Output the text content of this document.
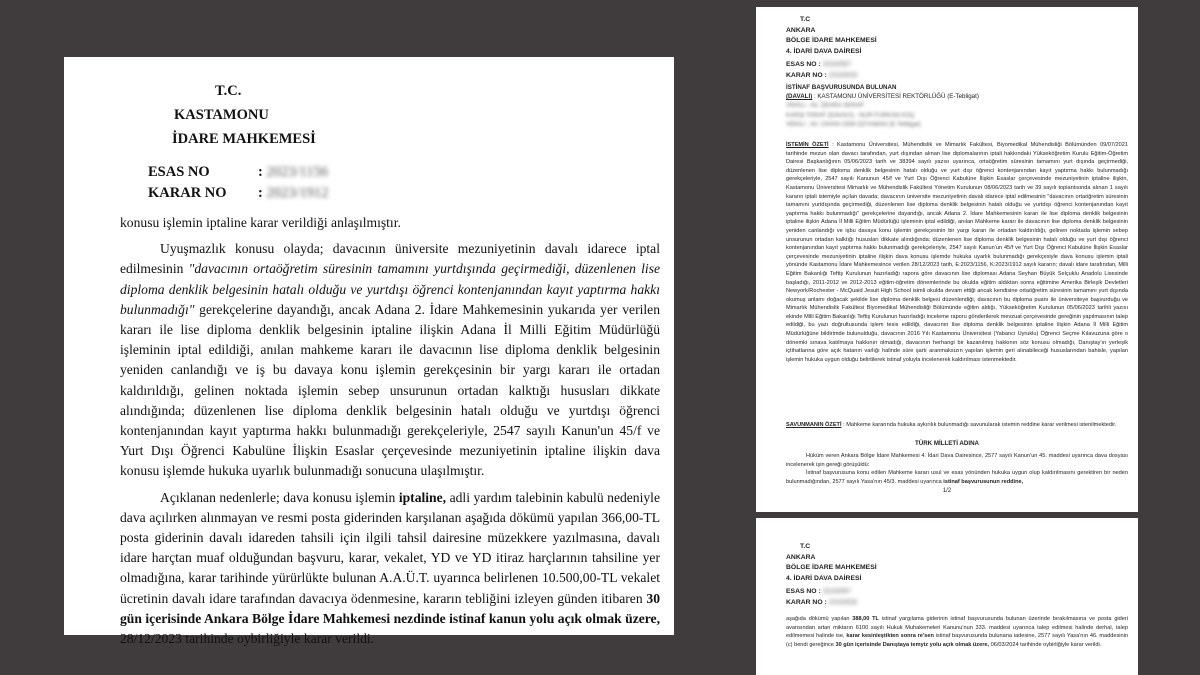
T.C.
KASTAMONU
İDARE MAHKEMESİ
ESAS NO	: 2023/1156
KARAR NO	: 2023/1912

konusu işlemin iptaline karar verildiği anlaşılmıştır.

Uyuşmazlık konusu olayda; davacının üniversite mezuniyetinin davalı idarece iptal edilmesinin "davacının ortaöğretim süresinin tamamını yurtdışında geçirmediği, düzenlenen lise diploma denklik belgesinin hatalı olduğu ve yurtdışı öğrenci kontenjanından kayıt yaptırma hakkı bulunmadığı" gerekçelerine dayandığı, ancak Adana 2. İdare Mahkemesinin yukarıda yer verilen kararı ile lise diploma denklik belgesinin iptaline ilişkin Adana İl Milli Eğitim Müdürlüğü işleminin iptal edildiği, anılan mahkeme kararı ile davacının lise diploma denklik belgesinin yeniden canlandığı ve iş bu davaya konu işlemin gerekçesinin bir yargı kararı ile ortadan kaldırıldığı, gelinen noktada işlemin sebep unsurunun ortadan kalktığı hususları dikkate alındığında; düzenlenen lise diploma denklik belgesinin hatalı olduğu ve yurtdışı öğrenci kontenjanından kayıt yaptırma hakkı bulunmadığı gerekçeleriyle, 2547 sayılı Kanun'un 45/f ve Yurt Dışı Öğrenci Kabulüne İlişkin Esaslar çerçevesinde mezuniyetinin iptaline ilişkin dava konusu işlemde hukuka uyarlık bulunmadığı sonucuna ulaşılmıştır.

Açıklanan nedenlerle; dava konusu işlemin iptaline, adli yardım talebinin kabulü nedeniyle dava açılırken alınmayan ve resmi posta giderinden karşılanan aşağıda dökümü yapılan 366,00-TL posta giderinin davalı idareden tahsili için ilgili tahsil dairesine müzekkere yazılmasına, davalı idare harçtan muaf olduğundan başvuru, karar, vekalet, YD ve YD itiraz harçlarının tahsiline yer olmadığına, karar tarihinde yürürlükte bulunan A.A.Ü.T. uyarınca belirlenen 10.500,00-TL vekalet ücretinin davalı idare tarafından davacıya ödenmesine, kararın tebliğini izleyen günden itibaren 30 gün içerisinde Ankara Bölge İdare Mahkemesi nezdinde istinaf kanun yolu açık olmak üzere, 28/12/2023 tarihinde oybirliğiyle karar verildi.

T.C
ANKARA
BÖLGE İDARE MAHKEMESİ
4. İDARİ DAVA DAİRESİ
ESAS NO : 2024/567
KARAR NO : 2024/928
İSTİNAF BAŞVURUSUNDA BULUNAN
(DAVALI) : KASTAMONU ÜNİVERSİTESİ REKTÖRLÜĞÜ (E-Tebligat)
VEKİLİ : AV. ZEHRA SERAP
KARŞI TARAF (DAVACI) : NUR FURKAN KOÇ
VEKİLİ : AV. CİHAN CEM ÖZYAMAN (E-Tebligat)
İSTEMİN ÖZETİ : Kastamonu Üniversitesi, Mühendislik ve Mimarlık Fakültesi, Biyomedikal Mühendisliği Bölümünden 09/07/2021 tarihinde mezun olan davacı tarafından, yurt dışından alınan lise diplomalarının iptali hakkındaki Yükseköğretim Kurulu Eğitim-Öğretim Dairesi Başkanlığının 05/06/2023 tarih ve 38394 sayılı yazısı uyarınca, ortaöğretim süresinin tamamını yurt dışında geçirmediği, düzenlenen lise diploma denklik belgesinin hatalı olduğu ve yurt dışı öğrenci kontenjanından kayıt yaptırma hakkı bulunmadığı gerekçeleriyle, 2547 sayılı Kanunun 45/f ve Yurt Dışı Öğrenci Kabulüne İlişkin Esaslar çerçevesinde mezuniyetinin iptaline ilişkin, Kastamonu Üniversitesi Mimarlık ve Mühendislik Fakültesi Yönetim Kurulunun 08/06/2023 tarih ve 39 sayılı toplantısında alınan 1 sayılı kararın iptali istemiyle açılan davada; davacının üniversite mezuniyetinin davalı idarece iptal edilmesinin "davacının ortaöğretim süresinin tamamını yurtdışında geçirmediği, düzenlenen lise diploma denklik belgesinin hatalı olduğu ve yurtdışı öğrenci kontenjanından kayıt yaptırma hakkı bulunmadığı" gerekçelerine dayandığı, ancak Adana 2. İdare Mahkemesinin kararı ile lise diploma denklik belgesinin iptaline ilişkin Adana İl Milli Eğitim Müdürlüğü işleminin iptal edildiği, anılan Mahkeme kararı ile davacının lise diploma denklik belgesinin yeniden canlandığı ve işbu davaya konu işlemin gerekçesinin bir yargı kararı ile ortadan kaldırıldığı, gelinen noktada işlemin sebep unsurunun ortadan kalktığı hususları dikkate alındığında; düzenlenen lise diploma denklik belgesinin hatalı olduğu ve yurt dışı öğrenci kontenjanından kayıt yaptırma hakkı bulunmadığı gerekçeleriyle, 2547 sayılı Kanun'un 45/f ve Yurt Dışı Öğrenci Kabulüne İlişkin Esaslar çerçevesinde mezuniyetinin iptaline ilişkin dava konusu işlemde hukuka uyarlık bulunmadığı gerekçesiyle dava konusu işlemin iptali yönünde Kastamonu İdare Mahkemesince verilen 28/12/2023 tarih, E:2023/1156, K:2023/1912 sayılı kararın; davalı idare tarafından, Milli Eğitim Bakanlığı Teftiş Kurulunun hazırladığı rapora göre davacının lise diploması Adana Seyhan Büyük Selçuklu Anadolu Lisesinde başladığı, 2011-2012 ve 2012-2013 eğitim-öğretim dönemlerinde bu okulda eğitim aldıktan sonra eğitimine Amerika Birleşik Devletleri Newyork/Rochester - McQuaid Jesuit High School isimli okulda devam ettiği ancak kendisine ortaöğretim süresinin tamamını yurt dışında okumuş anlamı doğacak şekilde lise diploma denklik belgesi düzenlendiği, davacının bu diploma puanı ile üniversiteye başvurduğu ve Mimarlık Mühendislik Fakültesi Biyomedikal Mühendisliği Bölümünde eğitim aldığı, Yükseköğretim Kurulunun 05/06/2023 tarihli yazısı ekinde Milli Eğitim Bakanlığı Teftiş Kurulunun hazırladığı inceleme raporu gönderilerek mevzuat çerçevesinde gereğinin yapılmasının talep edildiği, bu yazı doğrultusunda işlem tesis edildiği, davacının lise diploma denklik belgesinin iptaline ilişkin Adana İl Milli Eğitim Müdürlüğüne bildirimde bulunulduğu, davacının 2016 Yılı Kastamonu Üniversitesi (Yabancı Uyruklu) Öğrenci Seçme Kılavuzuna göre o dönemki sınava katılmaya hakkının olmadığı, davacının herhangi bir kazanılmış hakkının söz konusu olmadığı, Danıştay'ın yerleşik içtihatlarına göre açık hatanın varlığı halinde süre şartı aranmaksızın yapılan işlemin geri alınabileceği hususlarından bahisle, yapılan işlemin hukuka uygun olduğu belirtilerek istinaf yoluyla incelenerek kaldırılması istenmektedir.
SAVUNMANIN ÖZETİ : Mahkeme kararında hukuka aykırılık bulunmadığı savunularak istemin reddine karar verilmesi istenilmektedir.
TÜRK MİLLETİ ADINA
Hüküm veren Ankara Bölge İdare Mahkemesi 4. İdari Dava Dairesince, 2577 sayılı Kanun'un 45. maddesi uyarınca dava dosyası incelenerek işin gereği görüşüldü:
İstinaf başvurusuna konu edilen Mahkeme kararı usul ve esas yönünden hukuka uygun olup kaldırılmasını gerektiren bir neden bulunmadığından, 2577 sayılı Yasa'nın 45/3. maddesi uyarınca istinaf başvurusunun reddine,
1/2
T.C
ANKARA
BÖLGE İDARE MAHKEMESİ
4. İDARİ DAVA DAİRESİ
ESAS NO : 2024/567
KARAR NO : 2024/928
aşağıda dökümü yapılan 388,00 TL istinaf yargılama giderinin istinaf başvurusunda bulunan üzerinde bırakılmasına ve posta gideri avansından artan miktarın 6100 sayılı Hukuk Muhakemeleri Kanunu'nun 333. maddesi uyarınca talep edilmesi halinde derhal, talep edilmemesi halinde ise, karar kesinleştikten sonra re'sen istinaf başvurusunda bulunana iadesine, 2577 sayılı Yasa'nın 46. maddesinin (c) bendi gereğince 30 gün içerisinde Danıştaya temyiz yolu açık olmak üzere, 06/03/2024 tarihinde oybirliğiyle karar verildi.
